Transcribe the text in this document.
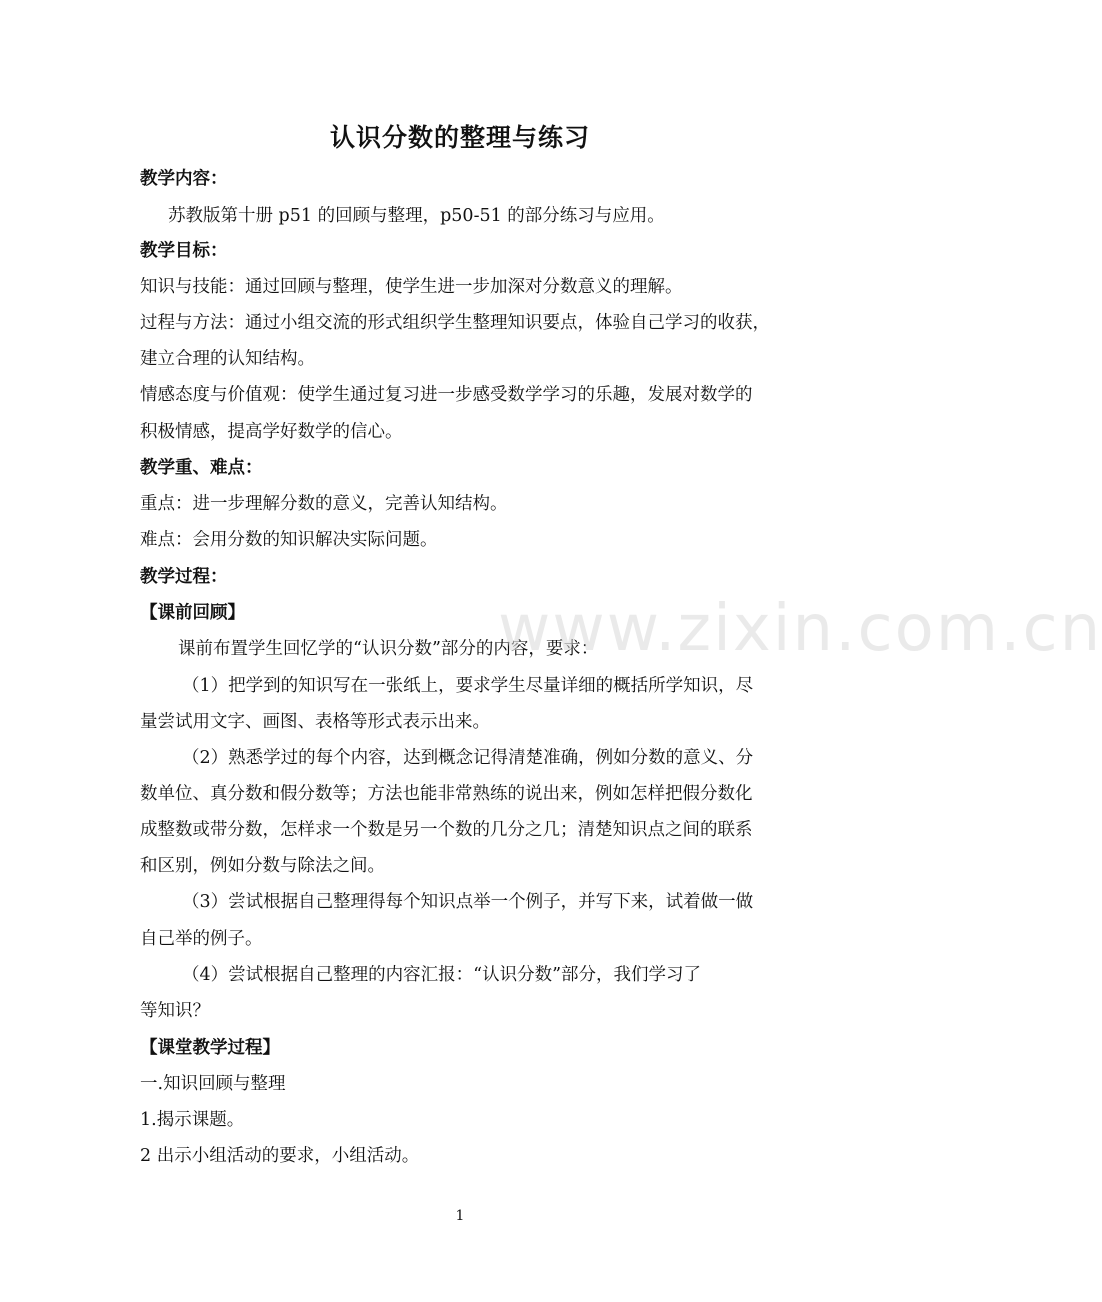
认识分数的整理与练习
教学内容：
苏教版第十册 p51 的回顾与整理，p50-51 的部分练习与应用。
教学目标：
知识与技能：通过回顾与整理，使学生进一步加深对分数意义的理解。
过程与方法：通过小组交流的形式组织学生整理知识要点，体验自己学习的收获，
建立合理的认知结构。
情感态度与价值观：使学生通过复习进一步感受数学学习的乐趣，发展对数学的
积极情感，提高学好数学的信心。
教学重、难点：
重点：进一步理解分数的意义，完善认知结构。
难点：会用分数的知识解决实际问题。
教学过程：
【课前回顾】
课前布置学生回忆学的“认识分数”部分的内容，要求：
（1）把学到的知识写在一张纸上，要求学生尽量详细的概括所学知识，尽
量尝试用文字、画图、表格等形式表示出来。
（2）熟悉学过的每个内容，达到概念记得清楚准确，例如分数的意义、分
数单位、真分数和假分数等；方法也能非常熟练的说出来，例如怎样把假分数化
成整数或带分数，怎样求一个数是另一个数的几分之几；清楚知识点之间的联系
和区别，例如分数与除法之间。
（3）尝试根据自己整理得每个知识点举一个例子，并写下来，试着做一做
自己举的例子。
（4）尝试根据自己整理的内容汇报：“认识分数”部分，我们学习了
等知识？
【课堂教学过程】
一.知识回顾与整理
1.揭示课题。
2 出示小组活动的要求，小组活动。
www.zixin.com.cn
1
